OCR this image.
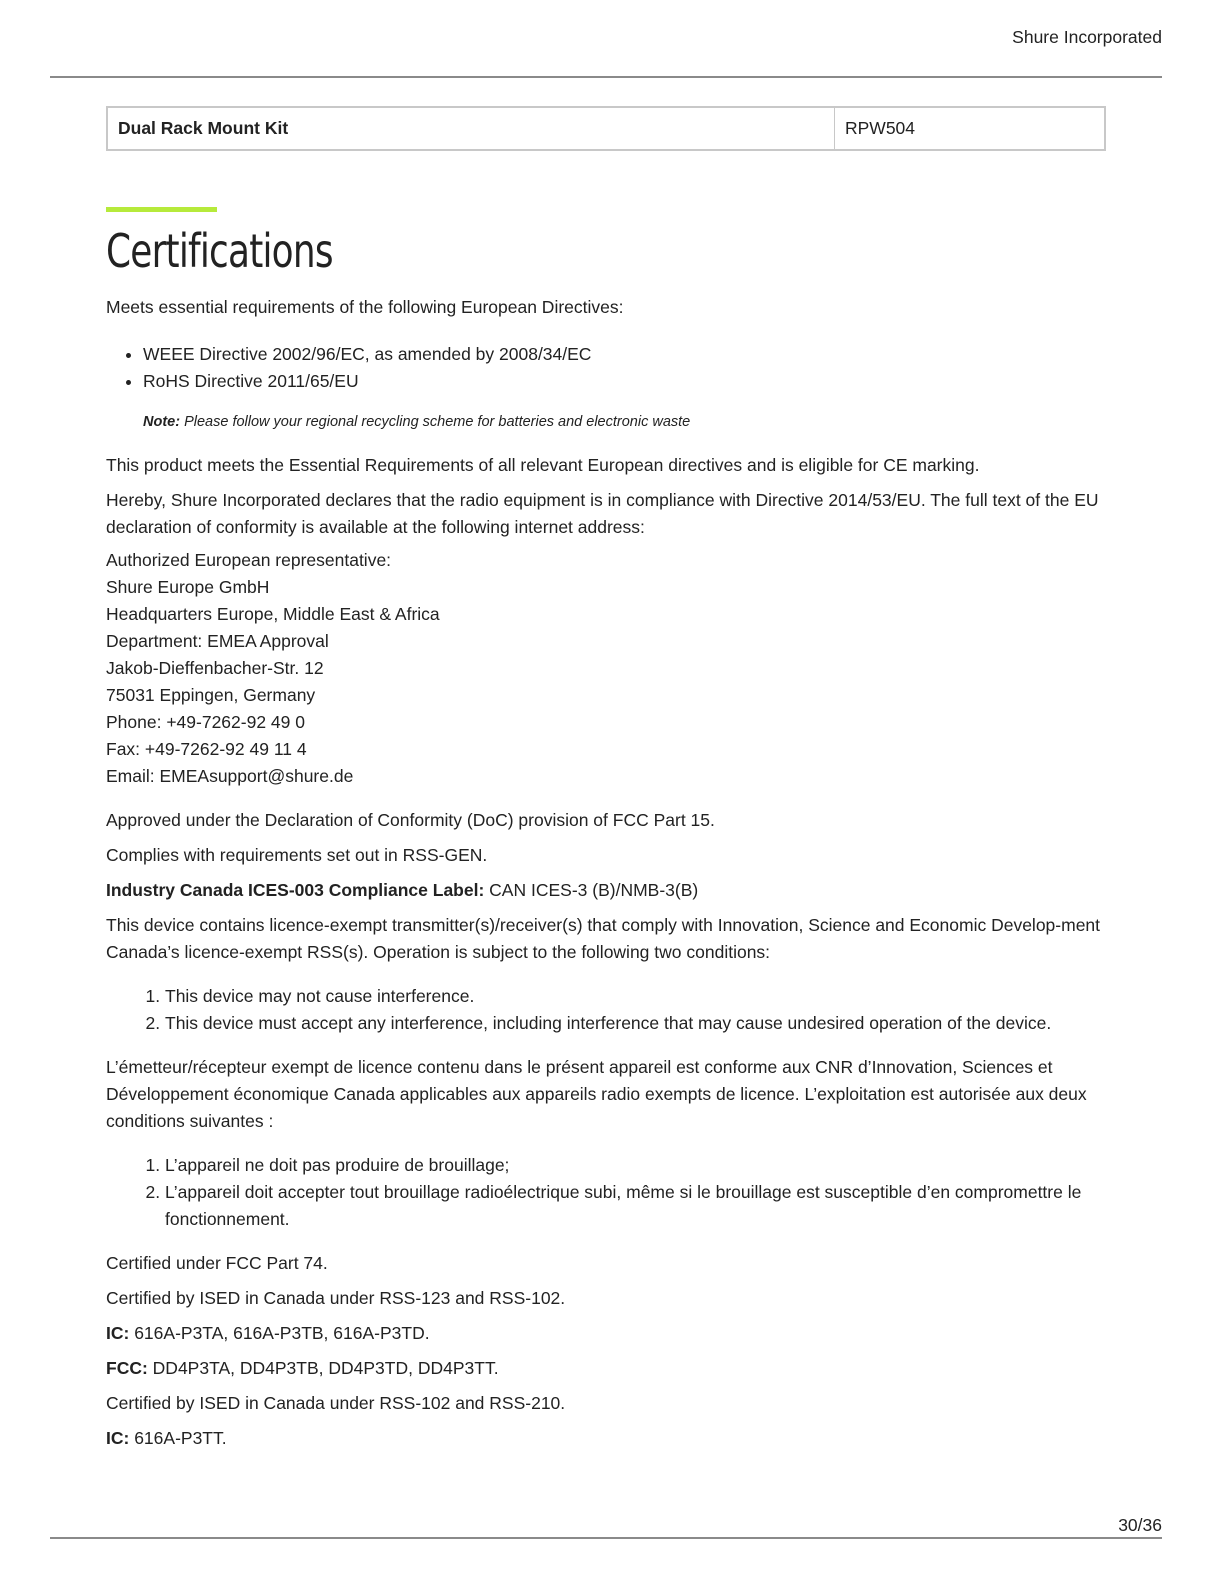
Shure Incorporated
Dual Rack Mount Kit	RPW504
Certifications

Meets essential requirements of the following European Directives:

• WEEE Directive 2002/96/EC, as amended by 2008/34/EC
• RoHS Directive 2011/65/EU
Note: Please follow your regional recycling scheme for batteries and electronic waste

This product meets the Essential Requirements of all relevant European directives and is eligible for CE marking.

Hereby, Shure Incorporated declares that the radio equipment is in compliance with Directive 2014/53/EU. The full text of the EU declaration of conformity is available at the following internet address:

Authorized European representative:
Shure Europe GmbH
Headquarters Europe, Middle East & Africa
Department: EMEA Approval
Jakob-Dieffenbacher-Str. 12
75031 Eppingen, Germany
Phone: +49-7262-92 49 0
Fax: +49-7262-92 49 11 4
Email: EMEAsupport@shure.de

Approved under the Declaration of Conformity (DoC) provision of FCC Part 15.

Complies with requirements set out in RSS-GEN.

Industry Canada ICES-003 Compliance Label: CAN ICES-3 (B)/NMB-3(B)

This device contains licence-exempt transmitter(s)/receiver(s) that comply with Innovation, Science and Economic Develop-ment Canada’s licence-exempt RSS(s). Operation is subject to the following two conditions:

1. This device may not cause interference.
2. This device must accept any interference, including interference that may cause undesired operation of the device.

L’émetteur/récepteur exempt de licence contenu dans le présent appareil est conforme aux CNR d’Innovation, Sciences et Développement économique Canada applicables aux appareils radio exempts de licence. L’exploitation est autorisée aux deux conditions suivantes :

1. L’appareil ne doit pas produire de brouillage;
2. L’appareil doit accepter tout brouillage radioélectrique subi, même si le brouillage est susceptible d’en compromettre le fonctionnement.

Certified under FCC Part 74.

Certified by ISED in Canada under RSS-123 and RSS-102.

IC: 616A-P3TA, 616A-P3TB, 616A-P3TD.

FCC: DD4P3TA, DD4P3TB, DD4P3TD, DD4P3TT.

Certified by ISED in Canada under RSS-102 and RSS-210.

IC: 616A-P3TT.

30/36
